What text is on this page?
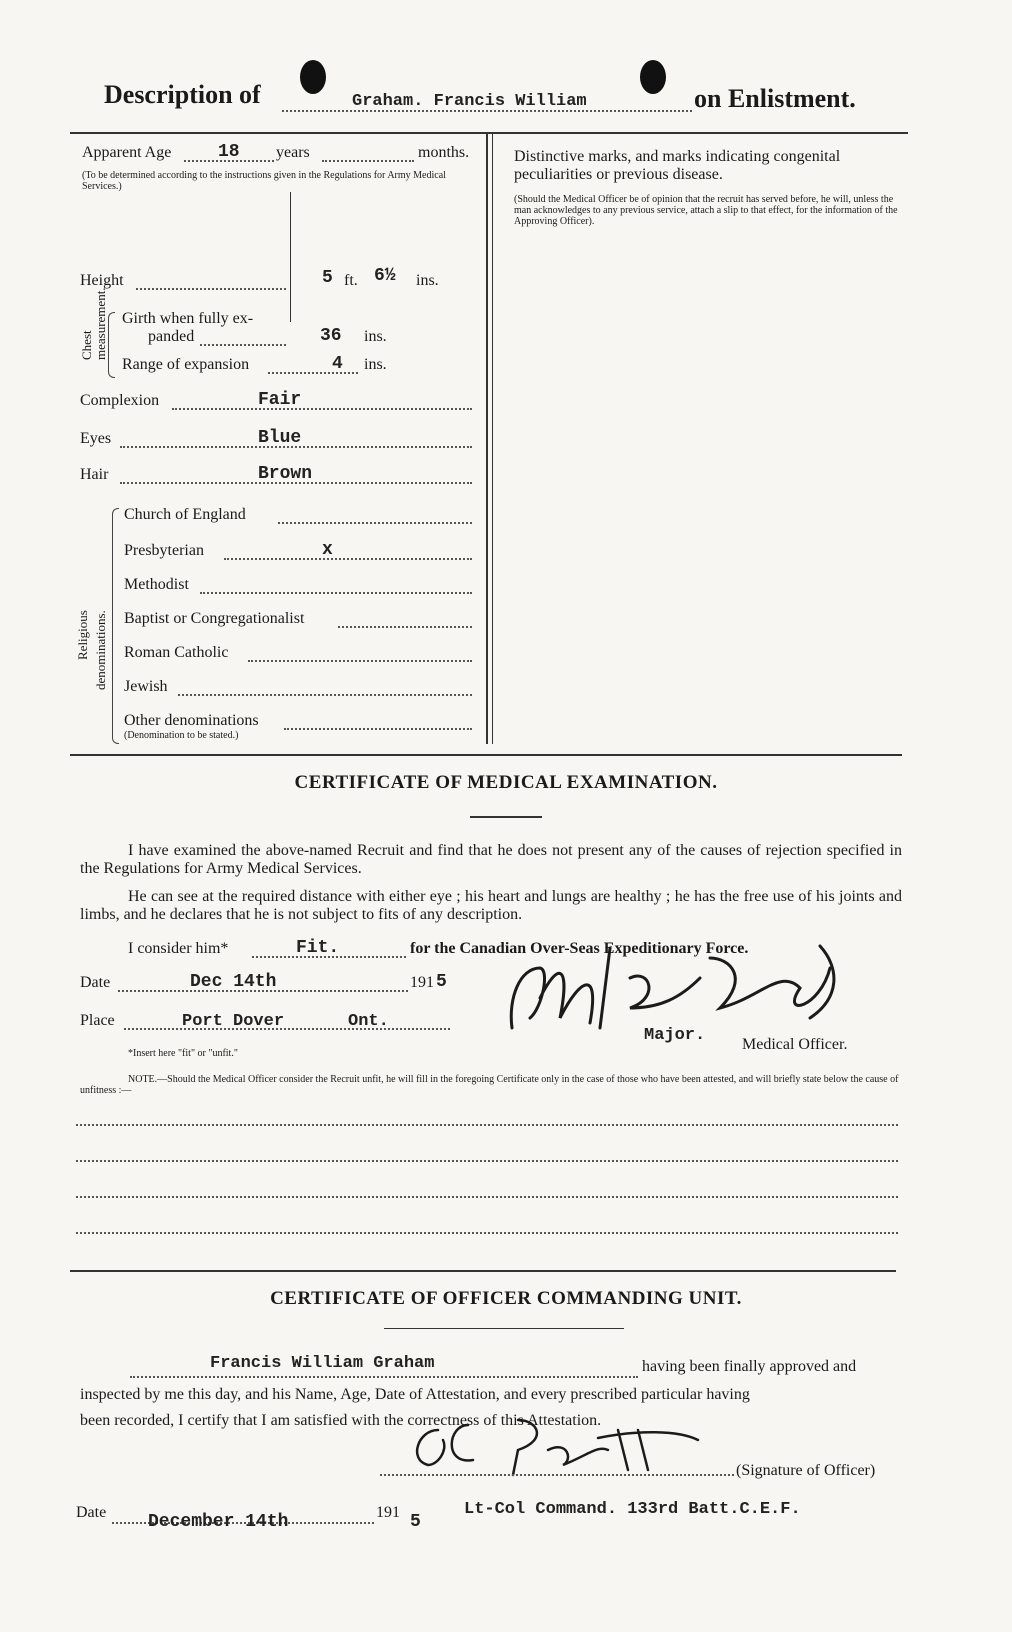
Description of	Graham. Francis William	on Enlistment.
Apparent Age	18 years	months.
(To be determined according to the instructions given in the Regulations for Army Medical Services.)
Height	5 ft. 6½ ins.
Chest measurement. Girth when fully ex-
panded	36 ins.
Range of expansion	4 ins.
Complexion	Fair
Eyes	Blue
Hair	Brown
Religious denominations.
Church of England
Presbyterian	x
Methodist
Baptist or Congregationalist
Roman Catholic
Jewish
Other denominations
(Denomination to be stated.)
Distinctive marks, and marks indicating congenital peculiarities or previous disease.
(Should the Medical Officer be of opinion that the recruit has served before, he will, unless the man acknowledges to any previous service, attach a slip to that effect, for the information of the Approving Officer).
CERTIFICATE OF MEDICAL EXAMINATION.
I have examined the above-named Recruit and find that he does not present any of the causes of rejection specified in the Regulations for Army Medical Services.
He can see at the required distance with either eye ; his heart and lungs are healthy ; he has the free use of his joints and limbs, and he declares that he is not subject to fits of any description.
I consider him*	Fit.	for the Canadian Over-Seas Expeditionary Force.
Date	Dec 14th	191 5
Place	Port Dover	Ont.
Major. Medical Officer.
*Insert here "fit" or "unfit."
NOTE.—Should the Medical Officer consider the Recruit unfit, he will fill in the foregoing Certificate only in the case of those who have been attested, and will briefly state below the cause of unfitness :—
CERTIFICATE OF OFFICER COMMANDING UNIT.
Francis William Graham	having been finally approved and
inspected by me this day, and his Name, Age, Date of Attestation, and every prescribed particular having
been recorded, I certify that I am satisfied with the correctness of this Attestation.
(Signature of Officer)
Date December 14th	191 5
Lt-Col Command. 133rd Batt.C.E.F.
